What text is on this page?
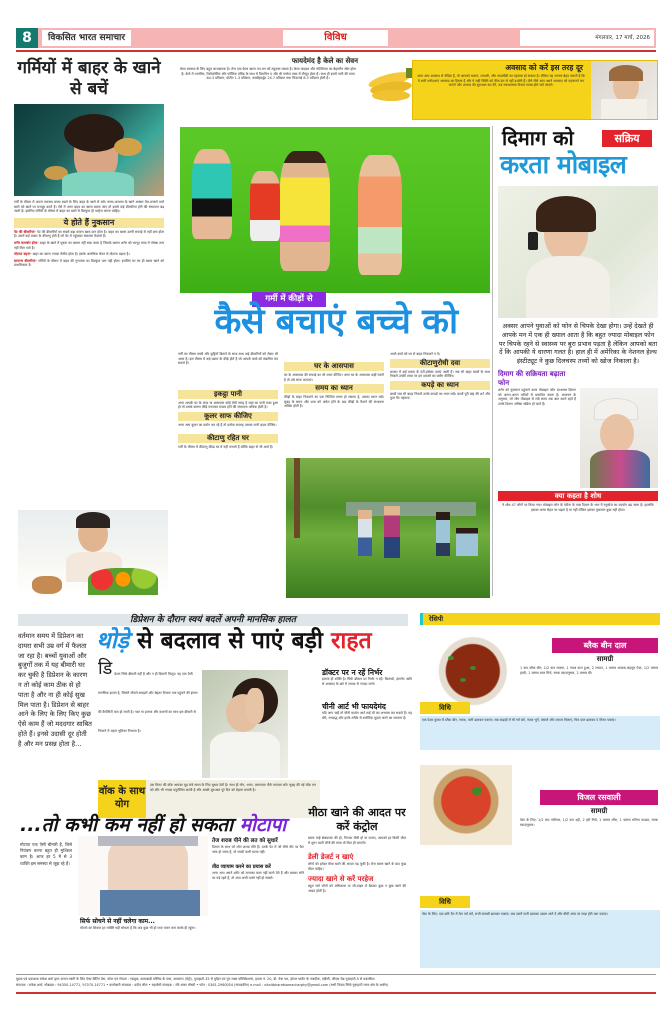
8	विकसित भारत समाचार	विविध	मंगलवार, 17 मार्च, 2026
गर्मियों में बाहर के खाने से बचें
गर्मी के मौसम में अपना स्वास्थ्य बनाए रखने के लिए बाहर के खाने से बचें। समय-असमय के खाने अक्सर तेल-मसाले वाले खाने को खाने पर मजबूर करते हैं। ऐसे में अगर बाहर का खाना खाया जाए तो इससे कई बीमारियां होने की संभावना बढ़ जाती है। इसलिए गर्मियों के मौसम में बाहर का खाने से बिल्कुल ही परहेज करना चाहिए।
ये होते हैं नुकसान
पेट की बीमारियां- पेट की बीमारियों का सबसे बड़ा कारण खान-पान होता है। बाहर का खाना उतनी सफाई से नहीं बना होता है। उसमें कई प्रकार के कीटाणु होते हैं जो पेट में पहुंचकर संक्रमण फैलाते हैं।
शरीर कमजोर होना- बाहर के खाने में पुष्टता का ख्याल नहीं रखा जाता है जिसके कारण शरीर को भरपूर मात्रा में पोषक तत्व नहीं मिल पाते हैं।
मोटापा बढ़ना- बाहर का खाना ज्यादा तैलीय होता है। इसके अत्यधिक सेवन से मोटापा बढ़ता है।
सामान्य बीमारियां- गर्मियों के मौसम में बाहर की गुणवत्ता का बिल्कुल पता नहीं होता। इसलिए घर का ही खाना खाने को प्राथमिकता दें।
फायदेमंद है केले का सेवन
केला स्वास्थ्य के लिए बहुत लाभदायक है। रोज एक केला खाना तन-मन को तंदुरुस्त रखता है। केला फाइबर और पोटेशियम का बेहतरीन स्रोत होता है। केले में थायमिन, रिबोफ्लेविन और फॉलिक एसिड के साथ में विटामिन ए और बी पर्याप्त मात्रा में मौजूद होता है। साथ ही इसमें पानी की मात्रा 64.3 प्रतिशत, प्रोटीन 1.3 प्रतिशत, कार्बोहाइड्रेट 24.7 प्रतिशत तथा चिकनाई 8.3 प्रतिशत होती है।
अवसाद को करें इस तरह दूर
अगर आप अवसाद से पीड़ित हैं, तो आपको थकान, लाचारी, और नाउम्मीदी का एहसास हो सकता है। लेकिन यह जानना बेहद जरूरी है कि ये सारी मनोदशाएं अवसाद का हिस्सा हैं और ये सही स्थिति को ठीक ढंग से नहीं दर्शाती हैं। जैसे जैसे आप अपने अवसाद को पहचानने लग जाएंगे और उपचार की शुरुआत कर देंगे, तब नकारात्मक विचार गायब होते चले जाएंगे।
गर्मी में कीड़ों से
कैसे बचाएं बच्चे को
गर्मी का मौसम मस्ती और छुट्टियों बिताने के साथ-साथ कई बीमारियों को लेकर भी आता है। इस मौसम में कई प्रकार के कीड़े होते हैं जो आपके बच्चे को संक्रमित कर सकते हैं।
इकट्ठा पानी
अगर आपके घर के अंदर या आसपास कोई ऐसी जगह है जहां का पानी रुका हुआ हो तो उसके कारण कीड़े पनपकर मच्छर होने की संभावना अधिक होती है।
कूलर साफ कीजिए
अगर आप कूलर का प्रयोग कर रहे हैं तो प्रत्येक सप्ताह उसका पानी बदल दीजिए।
कीटाणु रहित घर
गर्मी के मौसम में कीटाणु कीड़ा घर में नहीं पनपते हैं बल्कि बाहर से भी आते हैं।
घर के आसपास
घर के आसपास की सफाई का भी ध्यान दीजिए। अगर घर के आसपास कहीं गंदगी है तो उसे साफ करवाएं।
समय का ध्यान
कीड़ों के बाहर निकलने का एक निश्चित समय हो सकता है, उसका ध्यान रखें। सुबह के समय और शाम को अंधेरा होने के बाद कीड़ों के फैलने की संभावना अधिक होती है।
अपने बच्चे को घर से बाहर निकलने न दें।
कीटाणुरोधी दवा
बाजार में कई प्रकार के एंटी-इंसेक्ट दवाएं आती हैं। जब भी बाहर बच्चों के साथ निकलें उनकी त्वचा पर इन दवाओं का प्रयोग कीजिए।
कपड़े का ध्यान
बच्चों जब भी बाहर निकलें उनके कपड़ों का ध्यान रखें। बच्चों पूरी बांह की शर्ट और फुल पैंट पहनाएं।
दिमाग को	सक्रिय
करता मोबाइल
अक्सर आपने युवाओं को फोन से चिपके देखा होगा। उन्हें देखते ही आपके मन में एक ही ख्याल आता है कि बहुत ज्यादा मोबाइल फोन पर चिपके रहने से स्वास्थ्य पर बुरा प्रभाव पड़ता है लेकिन आपको बता दें कि आपकी ये धारणा गलत है। हाल ही में अमेरिका के नेशनल हेल्थ इंस्टीट्यूट ने कुछ दिलचस्प तथ्यों को खोज निकाला है।
दिमाग की सक्रियता बढ़ाता फोन
शरीर को नुकसान पहुंचाने वाला मोबाइल फोन दरअसल दिमाग को अलग-अलग तरीकों से प्रभावित करता है। अध्ययन के अनुसार, जो लोग मोबाइल से लंबे समय तक बात करते रहते हैं उनके दिमाग अधिक सक्रिय हो जाते हैं।
क्या कहता है शोध
ये शोध 47 लोगों पर किया गया। मोबाइल फोन के एंटीना के पास दिमाग के भाग में ग्लूकोज का उपयोग बढ़ जाता है। हालांकि इसका असर सेहत पर पड़ता है या नहीं लेकिन इसका नुकसान कुछ नहीं होता।
डिप्रेशन के दौरान स्वयं बदलें अपनी मानसिक हालत
थोड़े से बदलाव से पाएं बड़ी राहत
वर्तमान समय में डिप्रेशन का दायरा सभी उम्र वर्ग में फैलता जा रहा है। बच्चों युवाओं और बुजुर्गों तक में यह बीमारी घर कर चुकी है डिप्रेशन के कारण न तो कोई काम ठीक से हो पाता है और ना ही कोई सुख मिल पाता है। डिप्रेशन से बाहर आने के लिए के लिए किए कुछ ऐसे काम हैं जो मददगार साबित होते हैं। इनसे उदासी दूर होती है और मन प्रसन्न होता है...
डि प्रेशन सिर्फ बीमारी नहीं है और न ही दिमागी फितूर। यह एक ऐसी मानसिक हालत है, जिसमें सोचने-समझने और बेहतर रिजल्ट तक पहुंचने की इंसान की कैपेसिटी कम हो जाती है। नशा या इलाज और कारणों का साथ इस बीमारी से निपटने में अहम भूमिका निभाता है।
वॉक के साथ योग
दस मिनट की वॉक आपका मूड लंबे समय के लिए सुधार देती है। साथ ही योग, ध्यान, प्राणायाम जैसे व्यायाम करें। सुबह की नई वॉक मन को और भी ज्यादा प्रफुल्लित करती है और अच्छी शुरुआत पूरे दिन को बेहतर बनाती है।
डॉक्टर पर न रहें निर्भर
इलाज ही शक्ति है। सिर्फ डॉक्टर पर निर्भर न रहें। किताबों, इंटरनेट आदि से अवसाद के बारे में ज्यादा से ज्यादा जानें।
चीनी आर्ट भी फायदेमंद
यदि आप चाहें तो चीनी मार्शल आर्ट ताई ची का अभ्यास कर सकते हैं। यह धीरे, लयबद्ध और हल्के तरीके से शारीरिक मुद्राएं करने का व्यायाम है।
...तो कभी कम नहीं हो सकता मोटापा
मोटापा एक ऐसी बीमारी है, जिसे नियंत्रण करना बहुत ही मुश्किल काम है। आज हर 5 में से 3 व्यक्ति इस समस्या से जूझ रहे हैं।
सिर्फ सोचने से नहीं चलेगा काम...
मोटापे का शिकार हर व्यक्ति यही सोचता है कि अब कुछ भी हो जाए वजन कम करके ही रहूंगा।
तेज शराब पीने की लत को सुधारें
दिमाग के साथ जो लोग शराब पीते हैं। उनके पेट में जो सीधे तौर पर फैट जमा हो जाता है, वो जल्दी कभी घटता नहीं।
तीव्र व्यायाम करने का प्रयास करें
अगर आप अपने शरीर को लगातार काम नहीं करने देते हैं और खाकर सोने पर पड़े रहते हैं, तो आप कभी पतले नहीं हो सकते।
मीठा खाने की आदत पर करें कंट्रोल
खाना चाहें ब्रेकफास्ट की हो, पिज्जा जैसी हो या पास्ता, आपको हर किसी चीज में शुगर वाली चीजें की मात्रा तो मिल ही जाएगी।
डेली डेजर्ट न खाएं
लोगों को हमेशा मीठा खाने की आदत पड़ चुकी है। रोज खाना खाने के बाद कुछ मीठा चाहिए।
ज्यादा खाने से करें परहेज
बहुत सारे लोगों को अधिकतर या जी-ताड़न में बैठकर कुछ न कुछ खाने की आदत होती है।
रेसिपी
ब्लैक बीन दाल
सामग्री
1 कप ब्लैक बीन, 1/2 कप राजमा, 1 प्याज़ कटा हुआ, 2 टमाटर, 1 चम्मच अदरक-लहसुन पेस्ट, 1/2 चम्मच हल्दी, 1 चम्मच लाल मिर्च, नमक स्वादानुसार, 2 चम्मच घी।
विधि
एक प्रेशर कुकर में ब्लैक बीन, नमक, पानी डालकर पकाएं। अब कड़ाही में घी गर्म करें, प्याज़ भूनें, मसाले और टमाटर मिलाएं, फिर दाल डालकर 5 मिनट पकाएं।
विजल रसवाली
सामग्री
पेस्ट के लिए: 1/2 कप नारियल, 1/2 कप दही, 2 हरी मिर्च, 1 चम्मच जीरा, 1 चम्मच धनिया पाउडर, नमक स्वादानुसार।
विधि
पेस्ट के लिए: एक छोटे पैन में तेल गर्म करें, सभी सामग्री डालकर पकाएं। अब उसमें पानी डालकर उबाल आने दें और धीमी आंच पर गाढ़ा होने तक पकाएं।
मुद्रक एवं प्रकाशक राकेश शर्मा द्वारा अजय त्यागी के लिए ऐक्ट प्रिंटिंग प्रेस, पोस्ट एवं गोदाम : गड़चुक, कलाबाड़ी मस्जिद के पास, कामरूप (मेट्रो), गुवाहाटी-35 से मुद्रित एवं गुरु लक्ष्य पब्लिकेशन्स, हाउस नं. 20, डी. नेत्रा पथ, होटल परमेंट के नजदीक, एबीसी, जीएस रोड गुवाहाटी-5 से प्रकाशित।
संपादक : राकेश शर्मा, मोबाइल : 94350-14771, 97070-14771 • कार्यकारी संपादक : प्रदीप लील • सहयोगी संपादक : रवि शंकर चौधरी • फोन : 0361-2960054 (संपादकीय) e-mail : viksitbharatsamacharghy@gmail.com (सभी विवाद सिर्फ गुवाहाटी न्याय क्षेत्र के अधीन)
